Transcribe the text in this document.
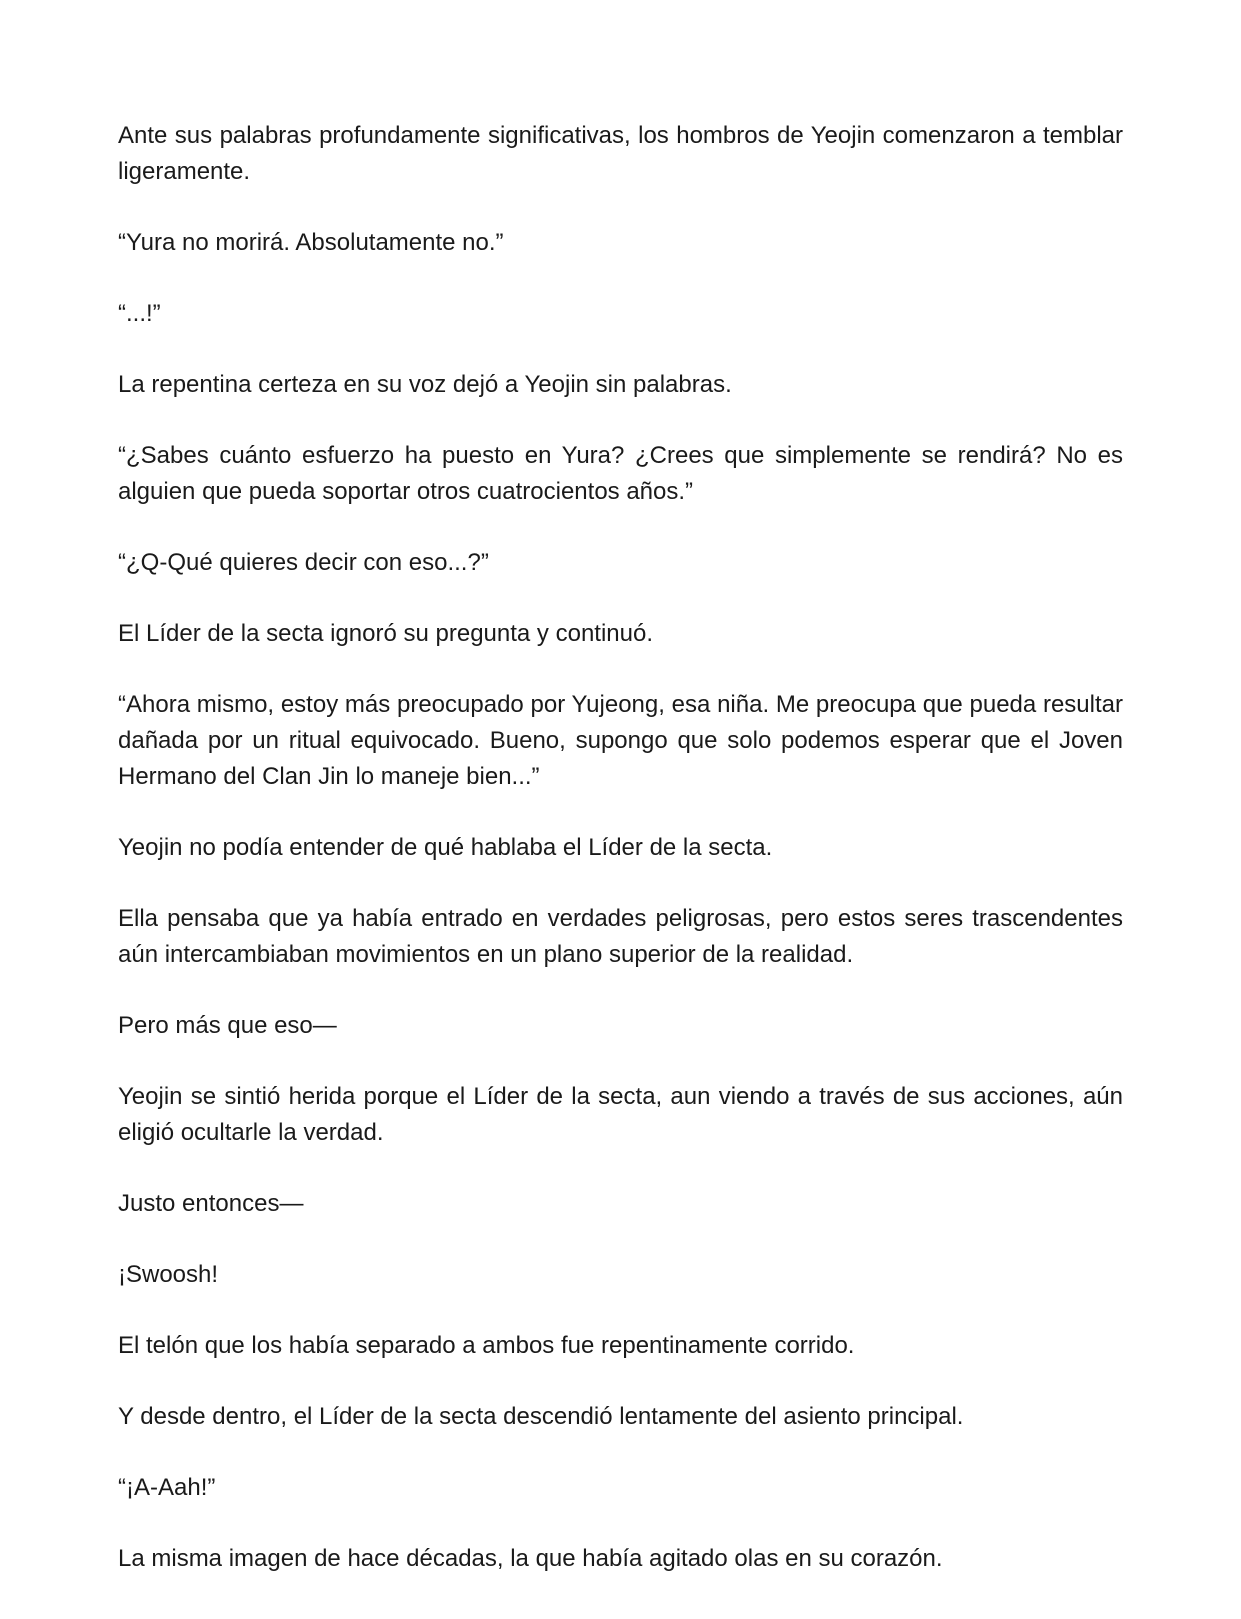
Ante sus palabras profundamente significativas, los hombros de Yeojin comenzaron a temblar ligeramente.

“Yura no morirá. Absolutamente no.”

“...!”

La repentina certeza en su voz dejó a Yeojin sin palabras.

“¿Sabes cuánto esfuerzo ha puesto en Yura? ¿Crees que simplemente se rendirá? No es alguien que pueda soportar otros cuatrocientos años.”

“¿Q-Qué quieres decir con eso...?”

El Líder de la secta ignoró su pregunta y continuó.

“Ahora mismo, estoy más preocupado por Yujeong, esa niña. Me preocupa que pueda resultar dañada por un ritual equivocado. Bueno, supongo que solo podemos esperar que el Joven Hermano del Clan Jin lo maneje bien...”

Yeojin no podía entender de qué hablaba el Líder de la secta.

Ella pensaba que ya había entrado en verdades peligrosas, pero estos seres trascendentes aún intercambiaban movimientos en un plano superior de la realidad.

Pero más que eso—

Yeojin se sintió herida porque el Líder de la secta, aun viendo a través de sus acciones, aún eligió ocultarle la verdad.

Justo entonces—

¡Swoosh!

El telón que los había separado a ambos fue repentinamente corrido.

Y desde dentro, el Líder de la secta descendió lentamente del asiento principal.

“¡A-Aah!”

La misma imagen de hace décadas, la que había agitado olas en su corazón.
